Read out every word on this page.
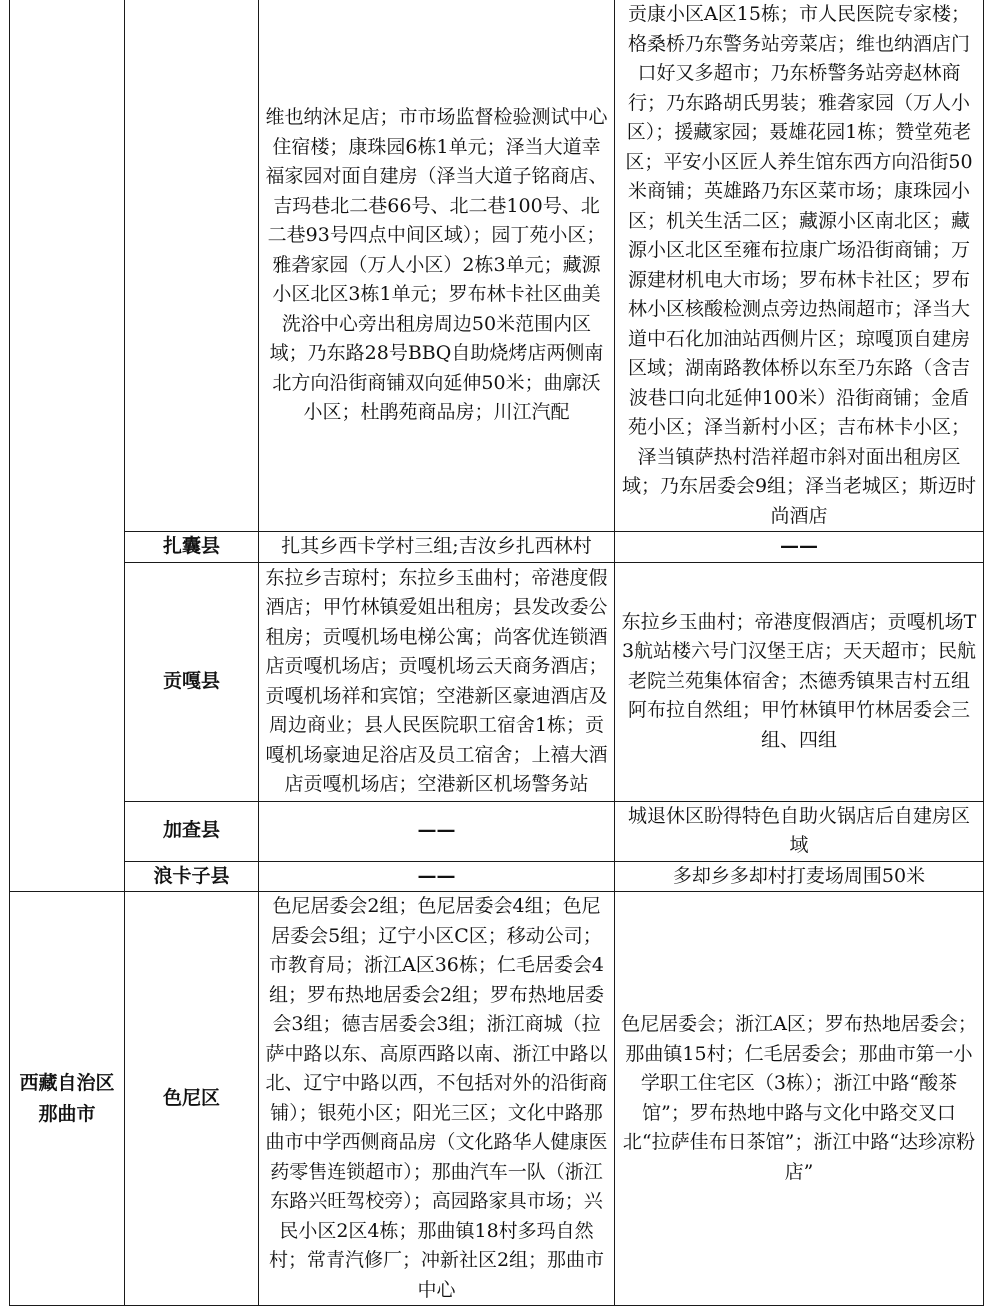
		维也纳沐足店；市市场监督检验测试中心住宿楼；康珠园6栋1单元；泽当大道幸福家园对面自建房（泽当大道子铭商店、吉玛巷北二巷66号、北二巷100号、北二巷93号四点中间区域）；园丁苑小区；雅砻家园（万人小区）2栋3单元；藏源小区北区3栋1单元；罗布林卡社区曲美洗浴中心旁出租房周边50米范围内区域；乃东路28号BBQ自助烧烤店两侧南北方向沿街商铺双向延伸50米；曲廓沃小区；杜鹃苑商品房；川江汽配	贡康小区A区15栋；市人民医院专家楼；格桑桥乃东警务站旁菜店；维也纳酒店门口好又多超市；乃东桥警务站旁赵林商行；乃东路胡氏男装；雅砻家园（万人小区）；援藏家园；聂雄花园1栋；赞堂苑老区；平安小区匠人养生馆东西方向沿街50米商铺；英雄路乃东区菜市场；康珠园小区；机关生活二区；藏源小区南北区；藏源小区北区至雍布拉康广场沿街商铺；万源建材机电大市场；罗布林卡社区；罗布林小区核酸检测点旁边热闹超市；泽当大道中石化加油站西侧片区；琼嘎顶自建房区域；湖南路教体桥以东至乃东路（含吉波巷口向北延伸100米）沿街商铺；金盾苑小区；泽当新村小区；吉布林卡小区；泽当镇萨热村浩祥超市斜对面出租房区域；乃东居委会9组；泽当老城区；斯迈时尚酒店
	扎囊县	扎其乡西卡学村三组;吉汝乡扎西林村	——
	贡嘎县	东拉乡吉琼村；东拉乡玉曲村；帝港度假酒店；甲竹林镇爱姐出租房；县发改委公租房；贡嘎机场电梯公寓；尚客优连锁酒店贡嘎机场店；贡嘎机场云天商务酒店；贡嘎机场祥和宾馆；空港新区豪迪酒店及周边商业；县人民医院职工宿舍1栋；贡嘎机场豪迪足浴店及员工宿舍；上禧大酒店贡嘎机场店；空港新区机场警务站	东拉乡玉曲村；帝港度假酒店；贡嘎机场T3航站楼六号门汉堡王店；天天超市；民航老院兰苑集体宿舍；杰德秀镇果吉村五组阿布拉自然组；甲竹林镇甲竹林居委会三组、四组
	加查县	——	城退休区盼得特色自助火锅店后自建房区域
	浪卡子县	——	多却乡多却村打麦场周围50米
西藏自治区那曲市	色尼区	色尼居委会2组；色尼居委会4组；色尼居委会5组；辽宁小区C区；移动公司；市教育局；浙江A区36栋；仁毛居委会4组；罗布热地居委会2组；罗布热地居委会3组；德吉居委会3组；浙江商城（拉萨中路以东、高原西路以南、浙江中路以北、辽宁中路以西，不包括对外的沿街商铺）；银苑小区；阳光三区；文化中路那曲市中学西侧商品房（文化路华人健康医药零售连锁超市）；那曲汽车一队（浙江东路兴旺驾校旁）；高园路家具市场；兴民小区2区4栋；那曲镇18村多玛自然村；常青汽修厂；冲新社区2组；那曲市中心	色尼居委会；浙江A区；罗布热地居委会；那曲镇15村；仁毛居委会；那曲市第一小学职工住宅区（3栋）；浙江中路“酸茶馆”；罗布热地中路与文化中路交叉口北“拉萨佳布日茶馆”；浙江中路“达珍凉粉店”
